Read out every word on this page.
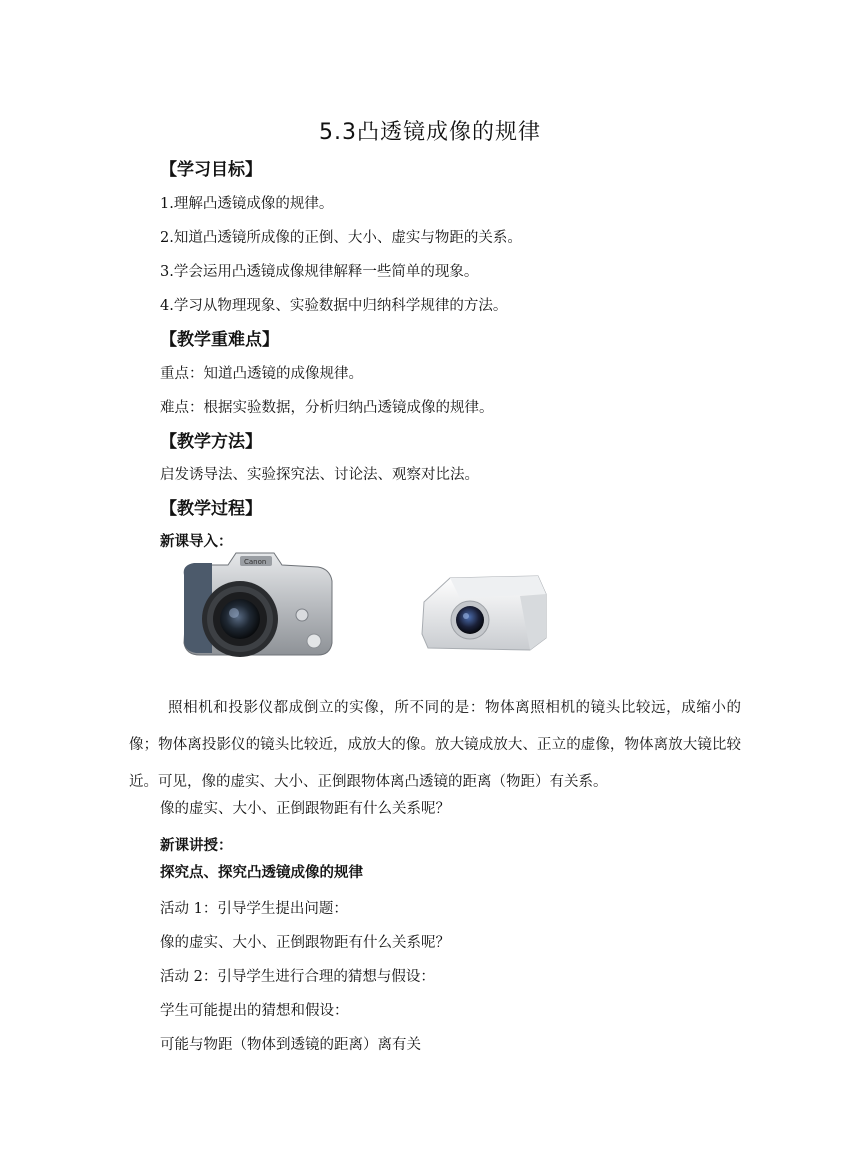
5.3凸透镜成像的规律
【学习目标】
1.理解凸透镜成像的规律。
2.知道凸透镜所成像的正倒、大小、虚实与物距的关系。
3.学会运用凸透镜成像规律解释一些简单的现象。
4.学习从物理现象、实验数据中归纳科学规律的方法。
【教学重难点】
重点：知道凸透镜的成像规律。
难点：根据实验数据，分析归纳凸透镜成像的规律。
【教学方法】
启发诱导法、实验探究法、讨论法、观察对比法。
【教学过程】
新课导入：
Canon
照相机和投影仪都成倒立的实像，所不同的是：物体离照相机的镜头比较远，成缩小的像；物体离投影仪的镜头比较近，成放大的像。放大镜成放大、正立的虚像，物体离放大镜比较近。可见，像的虚实、大小、正倒跟物体离凸透镜的距离（物距）有关系。
像的虚实、大小、正倒跟物距有什么关系呢？
新课讲授：
探究点、探究凸透镜成像的规律
活动 1：引导学生提出问题：
像的虚实、大小、正倒跟物距有什么关系呢？
活动 2：引导学生进行合理的猜想与假设：
学生可能提出的猜想和假设：
可能与物距（物体到透镜的距离）离有关
